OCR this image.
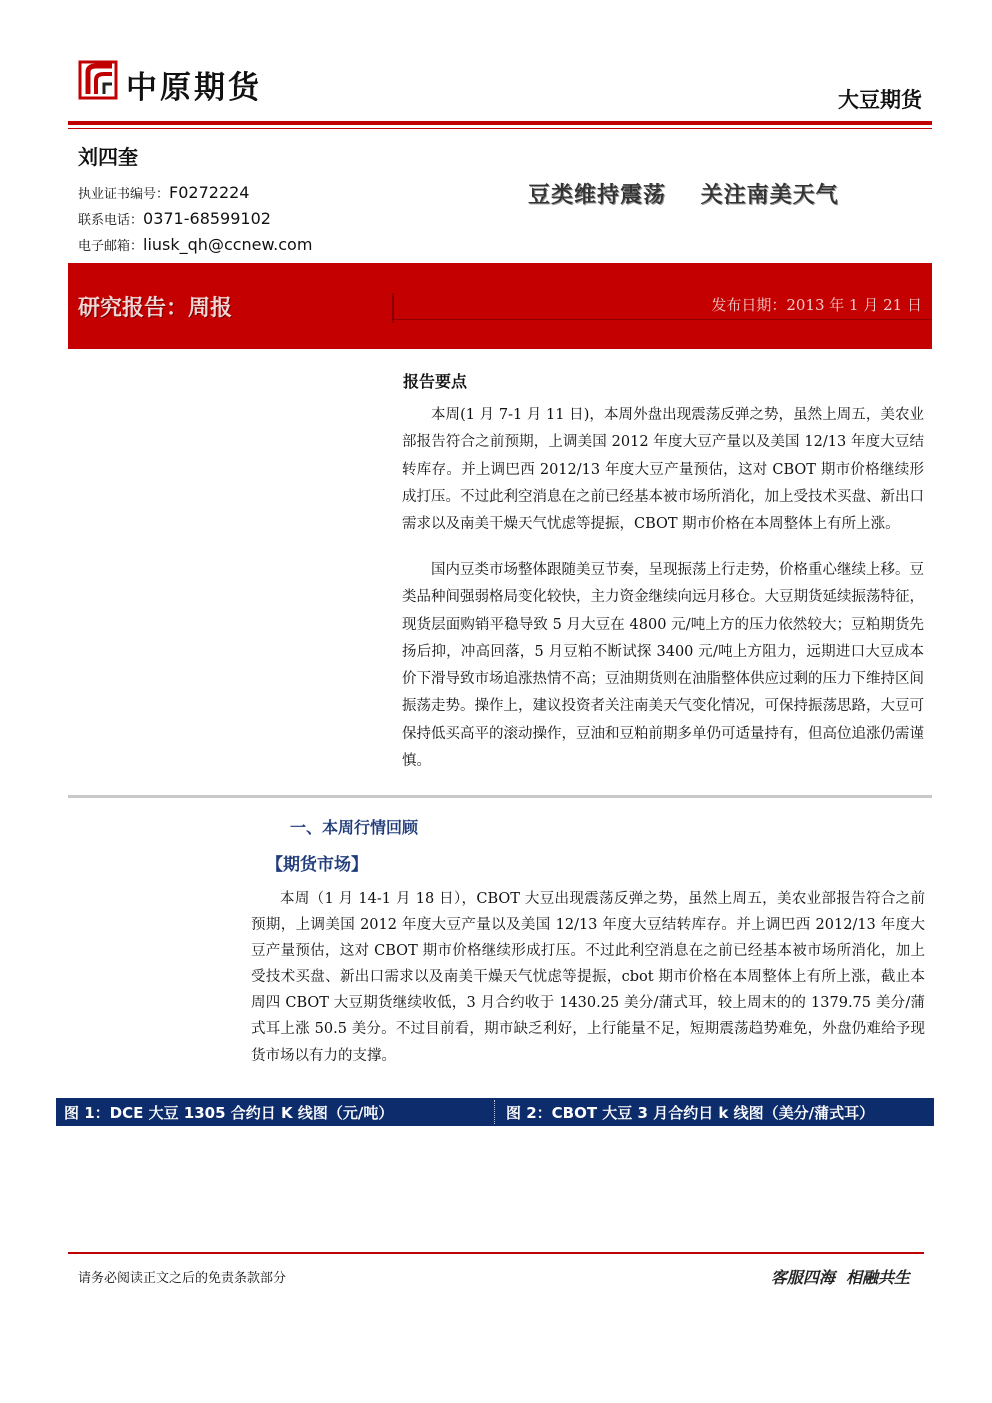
中原期货	大豆期货
刘四奎
执业证书编号：F0272224
联系电话：0371-68599102
电子邮箱：liusk_qh@ccnew.com
豆类维持震荡    关注南美天气
研究报告：周报	发布日期：2013 年 1 月 21 日
报告要点
本周(1 月 7-1 月 11 日)，本周外盘出现震荡反弹之势，虽然上周五，美农业部报告符合之前预期，上调美国 2012 年度大豆产量以及美国 12/13 年度大豆结转库存。并上调巴西 2012/13 年度大豆产量预估，这对 CBOT 期市价格继续形成打压。不过此利空消息在之前已经基本被市场所消化，加上受技术买盘、新出口需求以及南美干燥天气忧虑等提振，CBOT 期市价格在本周整体上有所上涨。
国内豆类市场整体跟随美豆节奏，呈现振荡上行走势，价格重心继续上移。豆类品种间强弱格局变化较快，主力资金继续向远月移仓。大豆期货延续振荡特征，现货层面购销平稳导致 5 月大豆在 4800 元/吨上方的压力依然较大；豆粕期货先扬后抑，冲高回落，5 月豆粕不断试探 3400 元/吨上方阻力，远期进口大豆成本价下滑导致市场追涨热情不高；豆油期货则在油脂整体供应过剩的压力下维持区间振荡走势。操作上，建议投资者关注南美天气变化情况，可保持振荡思路，大豆可保持低买高平的滚动操作，豆油和豆粕前期多单仍可适量持有，但高位追涨仍需谨慎。
一、本周行情回顾
【期货市场】
本周（1 月 14-1 月 18 日），CBOT 大豆出现震荡反弹之势，虽然上周五，美农业部报告符合之前预期，上调美国 2012 年度大豆产量以及美国 12/13 年度大豆结转库存。并上调巴西 2012/13 年度大豆产量预估，这对 CBOT 期市价格继续形成打压。不过此利空消息在之前已经基本被市场所消化，加上受技术买盘、新出口需求以及南美干燥天气忧虑等提振，cbot 期市价格在本周整体上有所上涨，截止本周四 CBOT 大豆期货继续收低，3 月合约收于 1430.25 美分/蒲式耳，较上周末的的 1379.75 美分/蒲式耳上涨 50.5 美分。不过目前看，期市缺乏利好，上行能量不足，短期震荡趋势难免，外盘仍难给予现货市场以有力的支撑。
图 1：DCE 大豆 1305 合约日 K 线图（元/吨）	图 2：CBOT 大豆 3 月合约日 k 线图（美分/蒲式耳）
请务必阅读正文之后的免责条款部分	客服四海  相融共生
